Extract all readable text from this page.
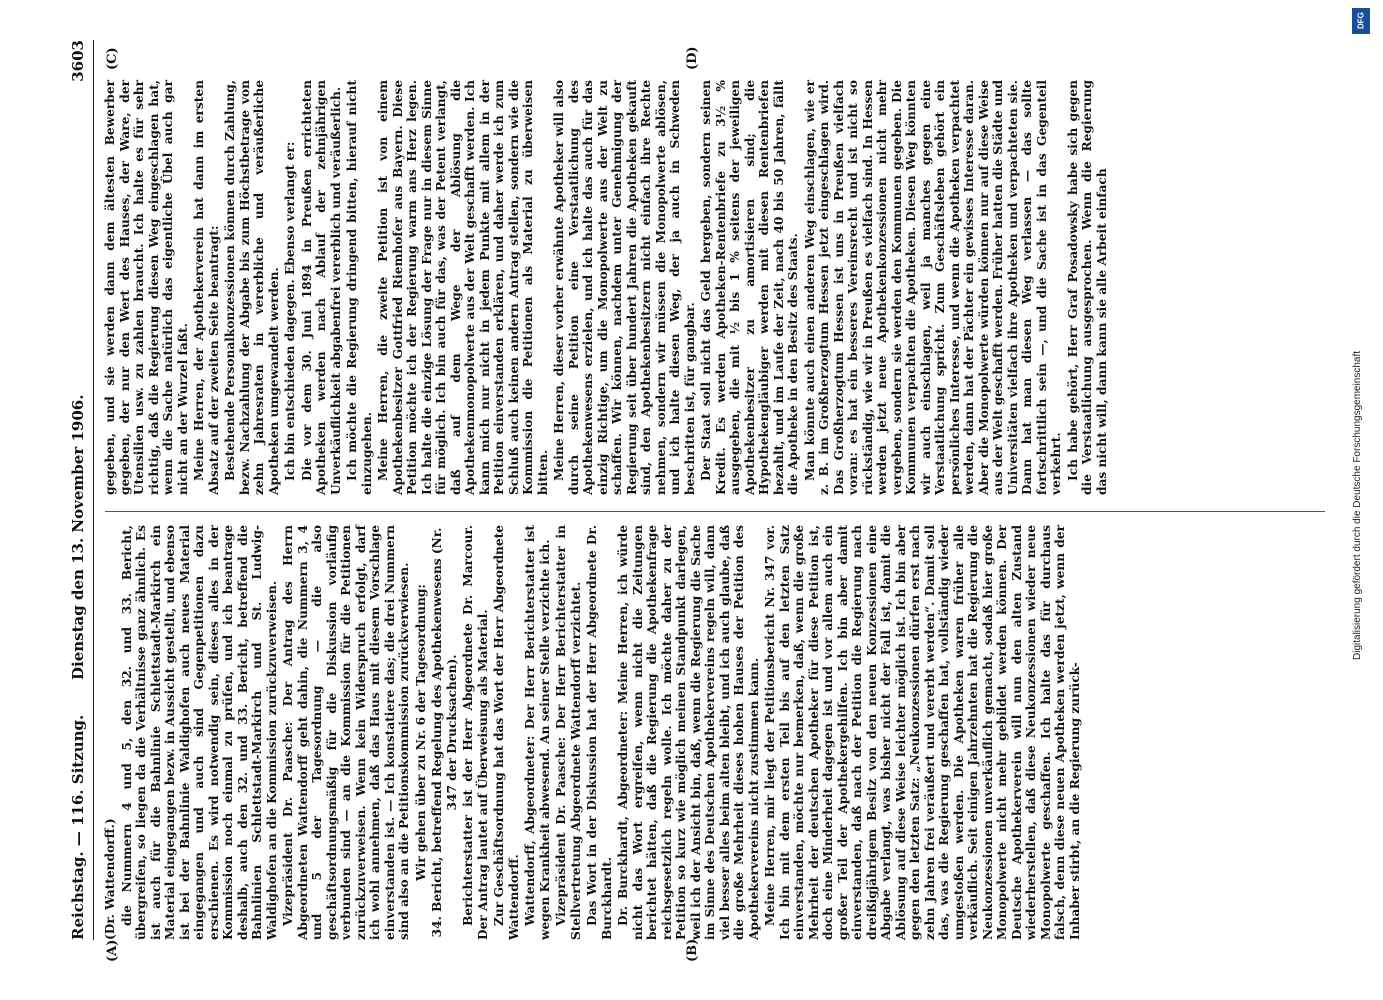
Reichstag. — 116. Sitzung.
Dienstag den 13. November 1906.
3603
(A)	(B)
(C)	(D)

(Dr. Wattendorff.) die Nummern 4 und 5, den 32. und 33. Bericht, übergreifen, so liegen da die Verhältnisse ganz ähnlich. Es ist auch für die Bahnlinie Schlettstadt-Markirch ein Material eingegangen bezw. in Aussicht gestellt, und ebenso ist bei der Bahnlinie Waldighofen auch neues Material eingegangen und auch sind Gegenpetitionen dazu erschienen. Es wird notwendig sein, dieses alles in der Kommission noch einmal zu prüfen, und ich beantrage deshalb, auch den 32. und 33. Bericht, betreffend die Bahnlinien Schlettstadt-Markirch und St. Ludwig-Waldighofen an die Kommission zurückzuverweisen. Vizepräsident Dr. Paasche: Der Antrag des Herrn Abgeordneten Wattendorff geht dahin, die Nummern 3, 4 und 5 der Tagesordnung — die also geschäftsordnungsmäßig für die Diskussion vorläufig verbunden sind — an die Kommission für die Petitionen zurückzuverweisen. Wenn kein Widerspruch erfolgt, darf ich wohl annehmen, daß das Haus mit diesem Vorschlage einverstanden ist. — Ich konstatiere das; die drei Nummern sind also an die Petitionskommission zurückverwiesen. Wir gehen über zu Nr. 6 der Tagesordnung: 34. Bericht, betreffend Regelung des Apothekenwesens (Nr. 347 der Drucksachen). Berichterstatter ist der Herr Abgeordnete Dr. Marcour. Der Antrag lautet auf Überweisung als Material. Zur Geschäftsordnung hat das Wort der Herr Abgeordnete Wattendorff. Wattendorff, Abgeordneter: Der Herr Berichterstatter ist wegen Krankheit abwesend. An seiner Stelle verzichte ich. Vizepräsident Dr. Paasche: Der Herr Berichterstatter in Stellvertretung Abgeordnete Wattendorff verzichtet. Das Wort in der Diskussion hat der Herr Abgeordnete Dr. Burckhardt. Dr. Burckhardt, Abgeordneter: Meine Herren, ich würde nicht das Wort ergreifen, wenn nicht die Zeitungen berichtet hätten, daß die Regierung die Apothekenfrage reichsgesetzlich regeln wolle. Ich möchte daher zu der Petition so kurz wie möglich meinen Standpunkt darlegen, weil ich der Ansicht bin, daß, wenn die Regierung die Sache im Sinne des Deutschen Apothekervereins regeln will, dann viel besser alles beim alten bleibt, und ich auch glaube, daß die große Mehrheit dieses hohen Hauses der Petition des Apothekervereins nicht zustimmen kann. Meine Herren, mir liegt der Petitionsbericht Nr. 347 vor. Ich bin mit dem ersten Teil bis auf den letzten Satz einverstanden, möchte nur bemerken, daß, wenn die große Mehrheit der deutschen Apotheker für diese Petition ist, doch eine Minderheit dagegen ist und vor allem auch ein großer Teil der Apothekergehilfen. Ich bin aber damit einverstanden, daß nach der Petition die Regierung nach dreißigjährigem Besitz von den neuen Konzessionen eine Abgabe verlangt, was bisher nicht der Fall ist, damit die Ablösung auf diese Weise leichter möglich ist. Ich bin aber gegen den letzten Satz: „Neukonzessionen dürfen erst nach zehn Jahren frei veräußert und vererbt werden“. Damit soll das, was die Regierung geschaffen hat, vollständig wieder umgestoßen werden. Die Apotheken waren früher alle verkäuflich. Seit einigen Jahrzehnten hat die Regierung die Neukonzessionen unverkäuflich gemacht, sodaß hier große Monopolwerte nicht mehr gebildet werden können. Der Deutsche Apothekerverein will nun den alten Zustand wiederherstellen, daß diese Neukonzessionen wieder neue Monopolwerte geschaffen. Ich halte das für durchaus falsch, denn diese neuen Apotheken werden jetzt, wenn der Inhaber stirbt, an die Regierung zurück-

gegeben, und sie werden dann dem ältesten Bewerber gegeben, der nur den Wert des Hauses, der Ware, der Utensilien usw. zu zahlen braucht. Ich halte es für sehr richtig, daß die Regierung diesen Weg eingeschlagen hat, wenn die Sache natürlich das eigentliche Übel auch gar nicht an der Wurzel faßt. Meine Herren, der Apothekerverein hat dann im ersten Absatz auf der zweiten Seite beantragt: Bestehende Personalkonzessionen können durch Zahlung, bezw. Nachzahlung der Abgabe bis zum Höchstbetrage von zehn Jahresraten in vererbliche und veräußerliche Apotheken umgewandelt werden. Ich bin entschieden dagegen. Ebenso verlangt er: Die vor dem 30. Juni 1894 in Preußen errichteten Apotheken werden nach Ablauf der zehnjährigen Unverkäuflichkeit abgabenfrei vererblich und veräußerlich. Ich möchte die Regierung dringend bitten, hierauf nicht einzugehen. Meine Herren, die zweite Petition ist von einem Apothekenbesitzer Gottfried Riemhofer aus Bayern. Diese Petition möchte ich der Regierung warm ans Herz legen. Ich halte die einzige Lösung der Frage nur in diesem Sinne für möglich. Ich bin auch für das, was der Petent verlangt, daß auf dem Wege der Ablösung die Apothekenmonopolwerte aus der Welt geschafft werden. Ich kann mich nur nicht in jedem Punkte mit allem in der Petition einverstanden erklären, und daher werde ich zum Schluß auch keinen andern Antrag stellen, sondern wie die Kommission die Petitionen als Material zu überweisen bitten. Meine Herren, dieser vorher erwähnte Apotheker will also durch seine Petition eine Verstaatlichung des Apothekenwesens erzielen, und ich halte das auch für das einzig Richtige, um die Monopolwerte aus der Welt zu schaffen. Wir können, nachdem unter Genehmigung der Regierung seit über hundert Jahren die Apotheken gekauft sind, den Apothekenbesitzern nicht einfach ihre Rechte nehmen, sondern wir müssen die Monopolwerte ablösen, und ich halte diesen Weg, der ja auch in Schweden beschritten ist, für gangbar. Der Staat soll nicht das Geld hergeben, sondern seinen Kredit. Es werden Apotheken-Rentenbriefe zu 3½ % ausgegeben, die mit ½ bis 1 % seitens der jeweiligen Apothekenbesitzer zu amortisieren sind; die Hypothekengläubiger werden mit diesen Rentenbriefen bezahlt, und im Laufe der Zeit, nach 40 bis 50 Jahren, fällt die Apotheke in den Besitz des Staats. Man könnte auch einen anderen Weg einschlagen, wie er z. B. im Großherzogtum Hessen jetzt eingeschlagen wird. Das Großherzogtum Hessen ist uns in Preußen vielfach voran: es hat ein besseres Vereinsrecht und ist nicht so rückständig, wie wir in Preußen es vielfach sind. In Hessen werden jetzt neue Apothekenkonzessionen nicht mehr vergeben, sondern sie werden den Kommunen gegeben. Die Kommunen verpachten die Apotheken. Diesen Weg könnten wir auch einschlagen, weil ja manches gegen eine Verstaatlichung spricht. Zum Geschäftsleben gehört ein persönliches Interesse, und wenn die Apotheken verpachtet werden, dann hat der Pächter ein gewisses Interesse daran. Aber die Monopolwerte würden können nur auf diese Weise aus der Welt geschafft werden. Früher hatten die Städte und Universitäten vielfach ihre Apotheken und verpachteten sie. Dann hat man diesen Weg verlassen — das sollte fortschrittlich sein —, und die Sache ist in das Gegenteil verkehrt. Ich habe gehört, Herr Graf Posadowsky habe sich gegen die Verstaatlichung ausgesprochen. Wenn die Regierung das nicht will, dann kann sie alle Arbeit einfach

DFG
Digitalisierung gefördert durch die Deutsche Forschungsgemeinschaft
